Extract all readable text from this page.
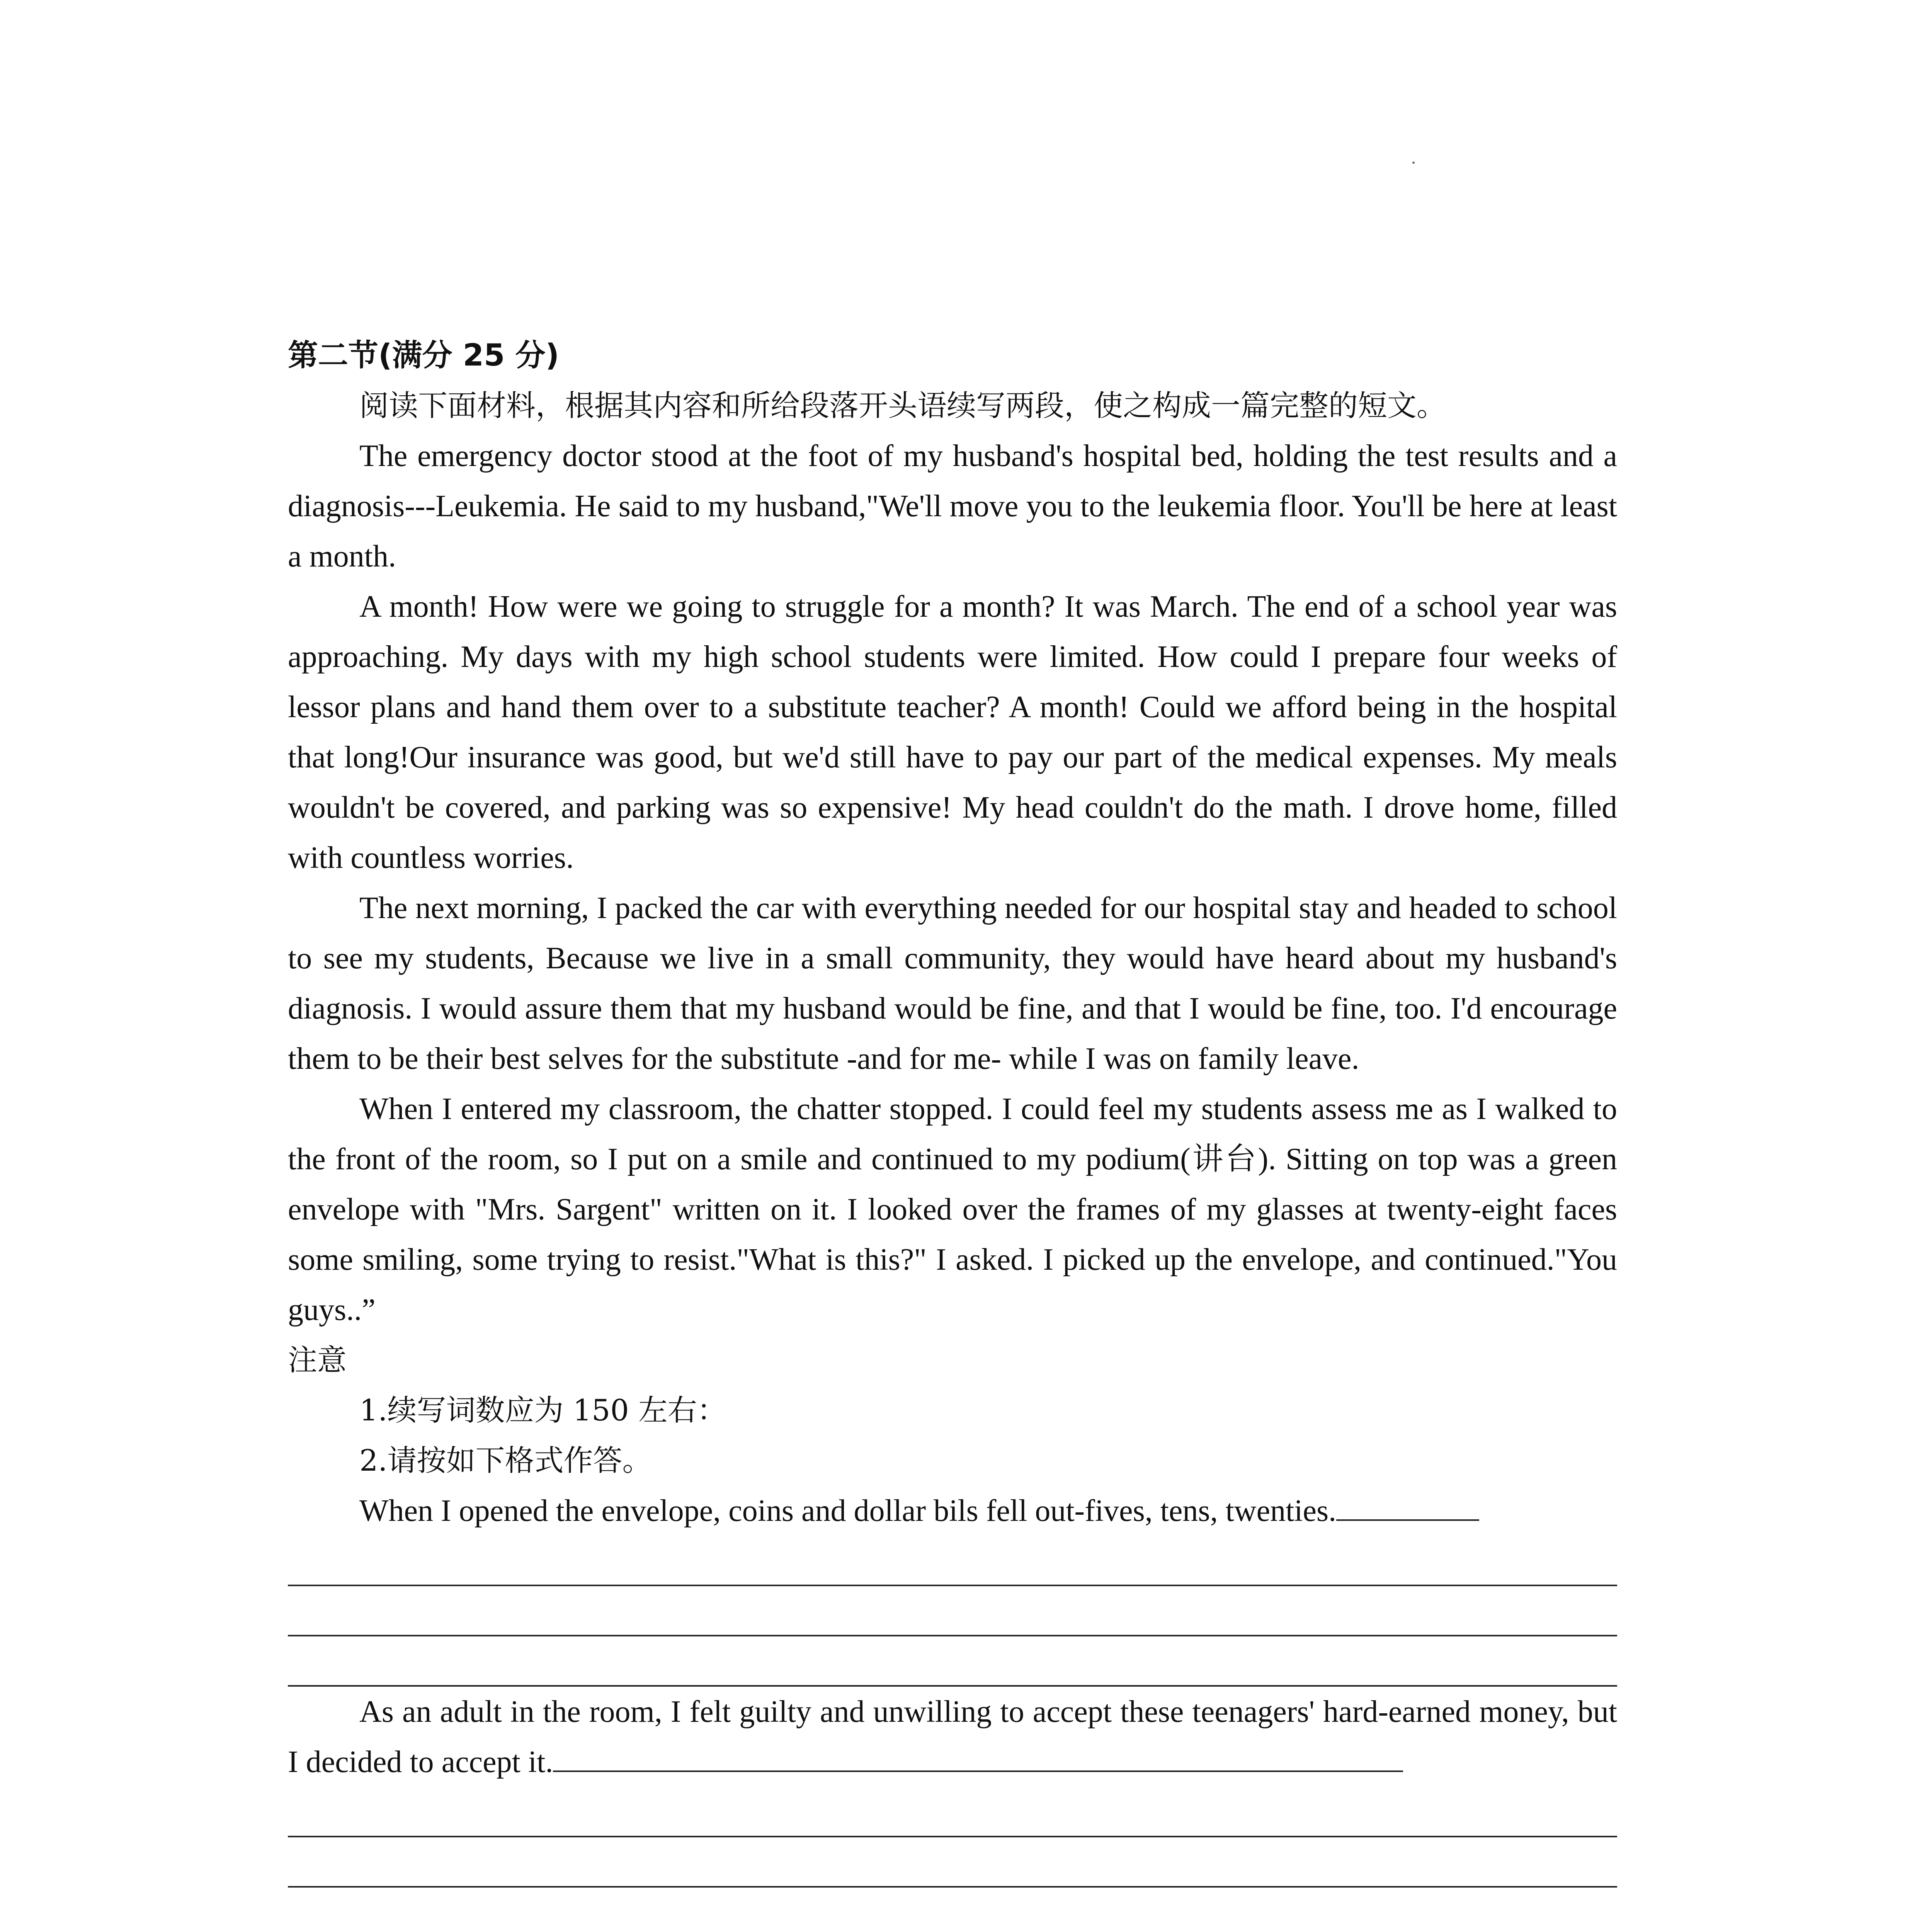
第二节(满分 25 分)

阅读下面材料，根据其内容和所给段落开头语续写两段，使之构成一篇完整的短文。

The emergency doctor stood at the foot of my husband's hospital bed, holding the test results and a diagnosis---Leukemia. He said to my husband,"We'll move you to the leukemia floor. You'll be here at least a month.

A month! How were we going to struggle for a month? It was March. The end of a school year was approaching. My days with my high school students were limited. How could I prepare four weeks of lessor plans and hand them over to a substitute teacher? A month! Could we afford being in the hospital that long!Our insurance was good, but we'd still have to pay our part of the medical expenses. My meals wouldn't be covered, and parking was so expensive! My head couldn't do the math. I drove home, filled with countless worries.

The next morning, I packed the car with everything needed for our hospital stay and headed to school to see my students, Because we live in a small community, they would have heard about my husband's diagnosis. I would assure them that my husband would be fine, and that I would be fine, too. I'd encourage them to be their best selves for the substitute -and for me- while I was on family leave.

When I entered my classroom, the chatter stopped. I could feel my students assess me as I walked to the front of the room, so I put on a smile and continued to my podium(讲台). Sitting on top was a green envelope with "Mrs. Sargent" written on it. I looked over the frames of my glasses at twenty-eight faces some smiling, some trying to resist."What is this?" I asked. I picked up the envelope, and continued."You guys..”

注意

1.续写词数应为 150 左右：

2.请按如下格式作答。

When I opened the envelope, coins and dollar bils fell out-fives, tens, twenties.

As an adult in the room, I felt guilty and unwilling to accept these teenagers' hard-earned money, but I decided to accept it.
